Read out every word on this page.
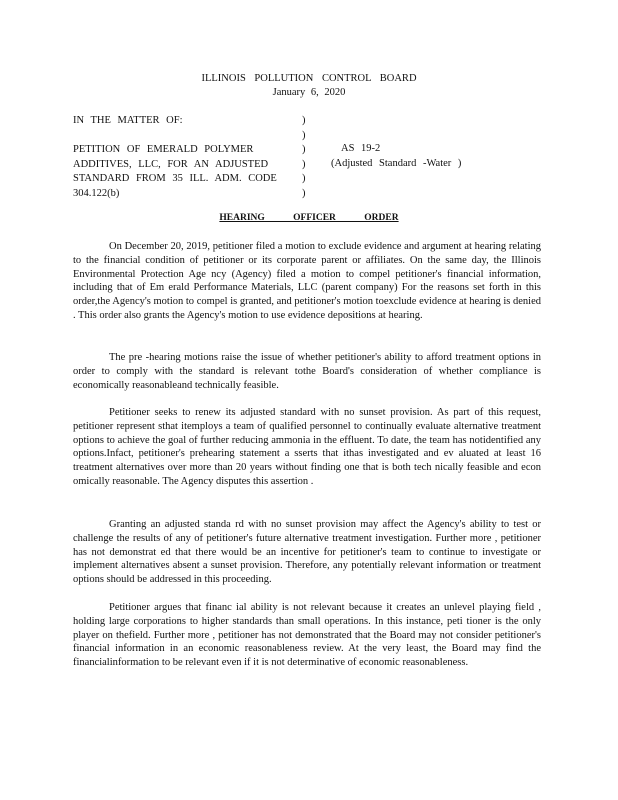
ILLINOIS POLLUTION CONTROL BOARD
January 6, 2020
IN THE MATTER OF:
PETITION OF EMERALD POLYMER
ADDITIVES, LLC, FOR AN ADJUSTED
STANDARD FROM 35 ILL. ADM. CODE
304.122(b)
)
)
)
)
)
)
AS 19-2
(Adjusted Standard -Water )
HEARING OFFICER ORDER

On December 20, 2019, petitioner filed a motion to exclude evidence and argument at hearing relating to the financial condition of petitioner or its corporate parent or affiliates. On the same day, the Illinois Environmental Protection Age ncy (Agency) filed a motion to compel petitioner's financial information, including that of Em erald Performance Materials, LLC (parent company) For the reasons set forth in this order,the Agency's motion to compel is granted, and petitioner's motion toexclude evidence at hearing is denied . This order also grants the Agency's motion to use evidence depositions at hearing.

The pre -hearing motions raise the issue of whether petitioner's ability to afford treatment options in order to comply with the standard is relevant tothe Board's consideration of whether compliance is economically reasonableand technically feasible.

Petitioner seeks to renew its adjusted standard with no sunset provision. As part of this request, petitioner represent sthat itemploys a team of qualified personnel to continually evaluate alternative treatment options to achieve the goal of further reducing ammonia in the effluent. To date, the team has notidentified any options.Infact, petitioner's prehearing statement a sserts that ithas investigated and ev aluated at least 16 treatment alternatives over more than 20 years without finding one that is both tech nically feasible and econ omically reasonable. The Agency disputes this assertion .

Granting an adjusted standa rd with no sunset provision may affect the Agency's ability to test or challenge the results of any of petitioner's future alternative treatment investigation. Further more , petitioner has not demonstrat ed that there would be an incentive for petitioner's team to continue to investigate or implement alternatives absent a sunset provision. Therefore, any potentially relevant information or treatment options should be addressed in this proceeding.

Petitioner argues that financ ial ability is not relevant because it creates an unlevel playing field , holding large corporations to higher standards than small operations. In this instance, peti tioner is the only player on thefield. Further more , petitioner has not demonstrated that the Board may not consider petitioner's financial information in an economic reasonableness review. At the very least, the Board may find the financialinformation to be relevant even if it is not determinative of economic reasonableness.
